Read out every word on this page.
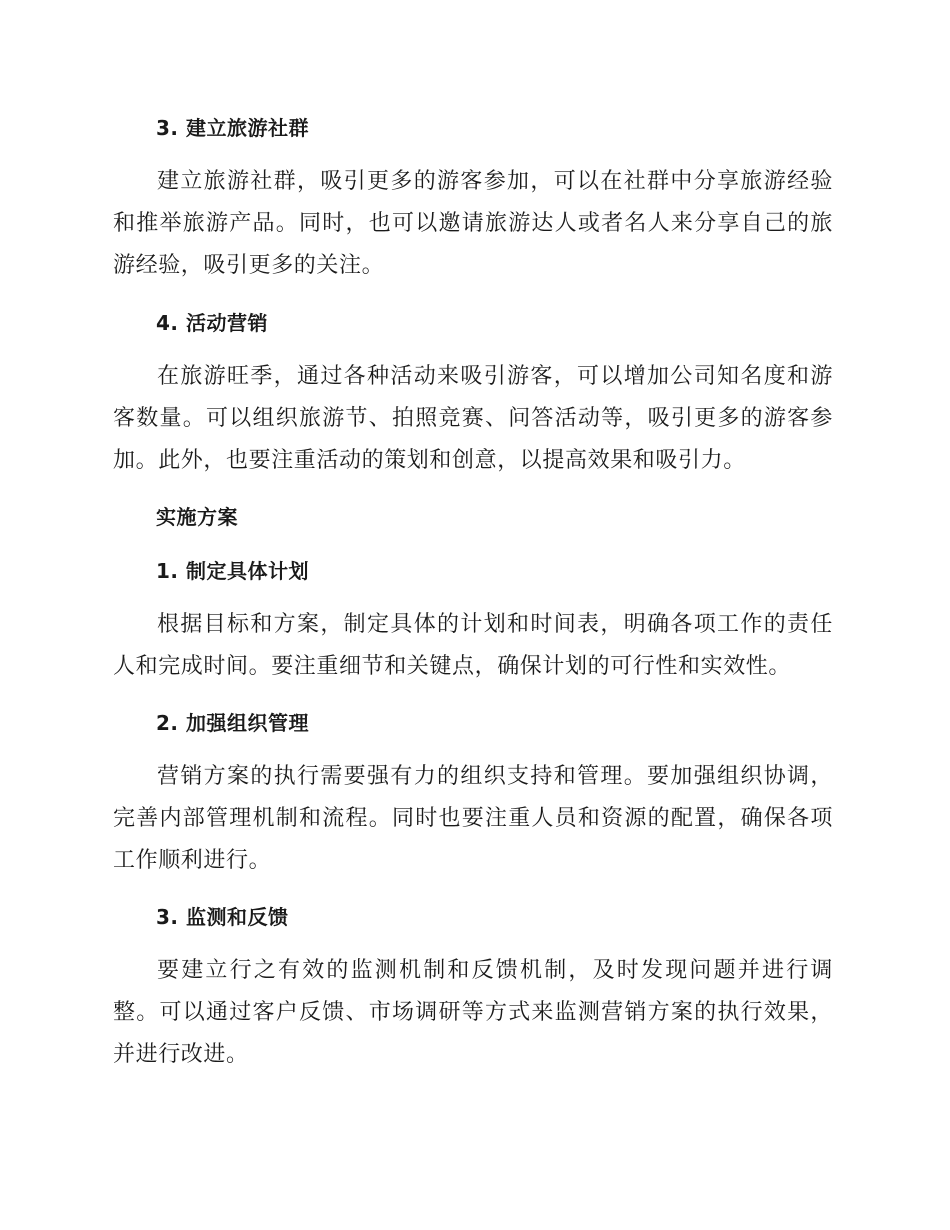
3. 建立旅游社群

建立旅游社群，吸引更多的游客参加，可以在社群中分享旅游经验和推举旅游产品。同时，也可以邀请旅游达人或者名人来分享自己的旅游经验，吸引更多的关注。

4. 活动营销

在旅游旺季，通过各种活动来吸引游客，可以增加公司知名度和游客数量。可以组织旅游节、拍照竞赛、问答活动等，吸引更多的游客参加。此外，也要注重活动的策划和创意，以提高效果和吸引力。

实施方案
1. 制定具体计划

根据目标和方案，制定具体的计划和时间表，明确各项工作的责任人和完成时间。要注重细节和关键点，确保计划的可行性和实效性。

2. 加强组织管理

营销方案的执行需要强有力的组织支持和管理。要加强组织协调，完善内部管理机制和流程。同时也要注重人员和资源的配置，确保各项工作顺利进行。

3. 监测和反馈

要建立行之有效的监测机制和反馈机制，及时发现问题并进行调整。可以通过客户反馈、市场调研等方式来监测营销方案的执行效果，并进行改进。
